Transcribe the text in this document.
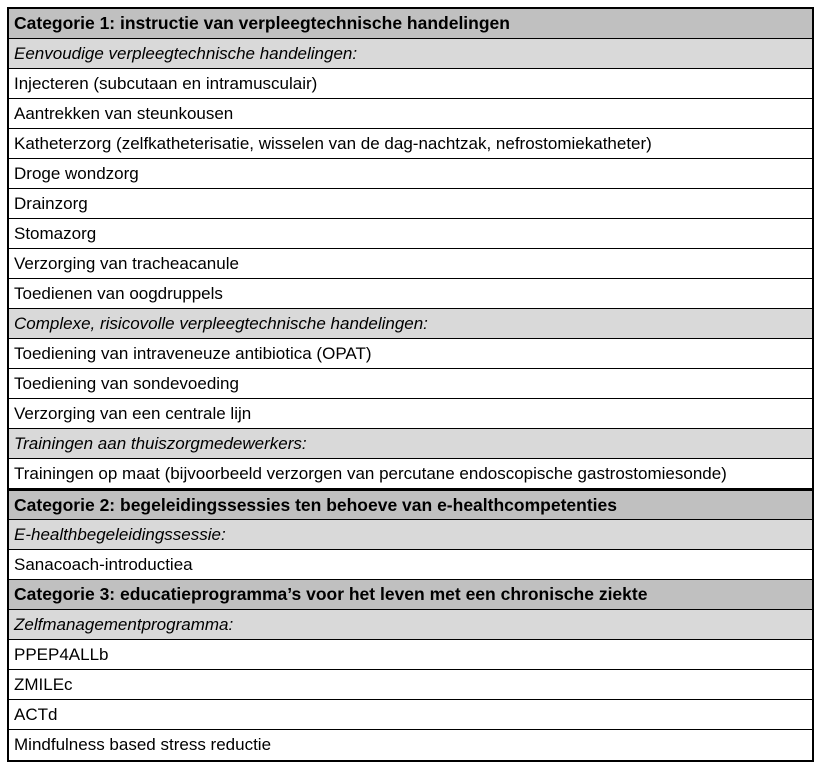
Categorie 1: instructie van verpleegtechnische handelingen
Eenvoudige verpleegtechnische handelingen:
Injecteren (subcutaan en intramusculair)
Aantrekken van steunkousen
Katheterzorg (zelfkatheterisatie, wisselen van de dag-nachtzak, nefrostomiekatheter)
Droge wondzorg
Drainzorg
Stomazorg
Verzorging van tracheacanule
Toedienen van oogdruppels
Complexe, risicovolle verpleegtechnische handelingen:
Toediening van intraveneuze antibiotica (OPAT)
Toediening van sondevoeding
Verzorging van een centrale lijn
Trainingen aan thuiszorgmedewerkers:
Trainingen op maat (bijvoorbeeld verzorgen van percutane endoscopische gastrostomiesonde)
Categorie 2: begeleidingssessies ten behoeve van e-healthcompetenties
E-healthbegeleidingssessie:
Sanacoach-introductiea
Categorie 3: educatieprogramma’s voor het leven met een chronische ziekte
Zelfmanagementprogramma:
PPEP4ALLb
ZMILEc
ACTd
Mindfulness based stress reductie
